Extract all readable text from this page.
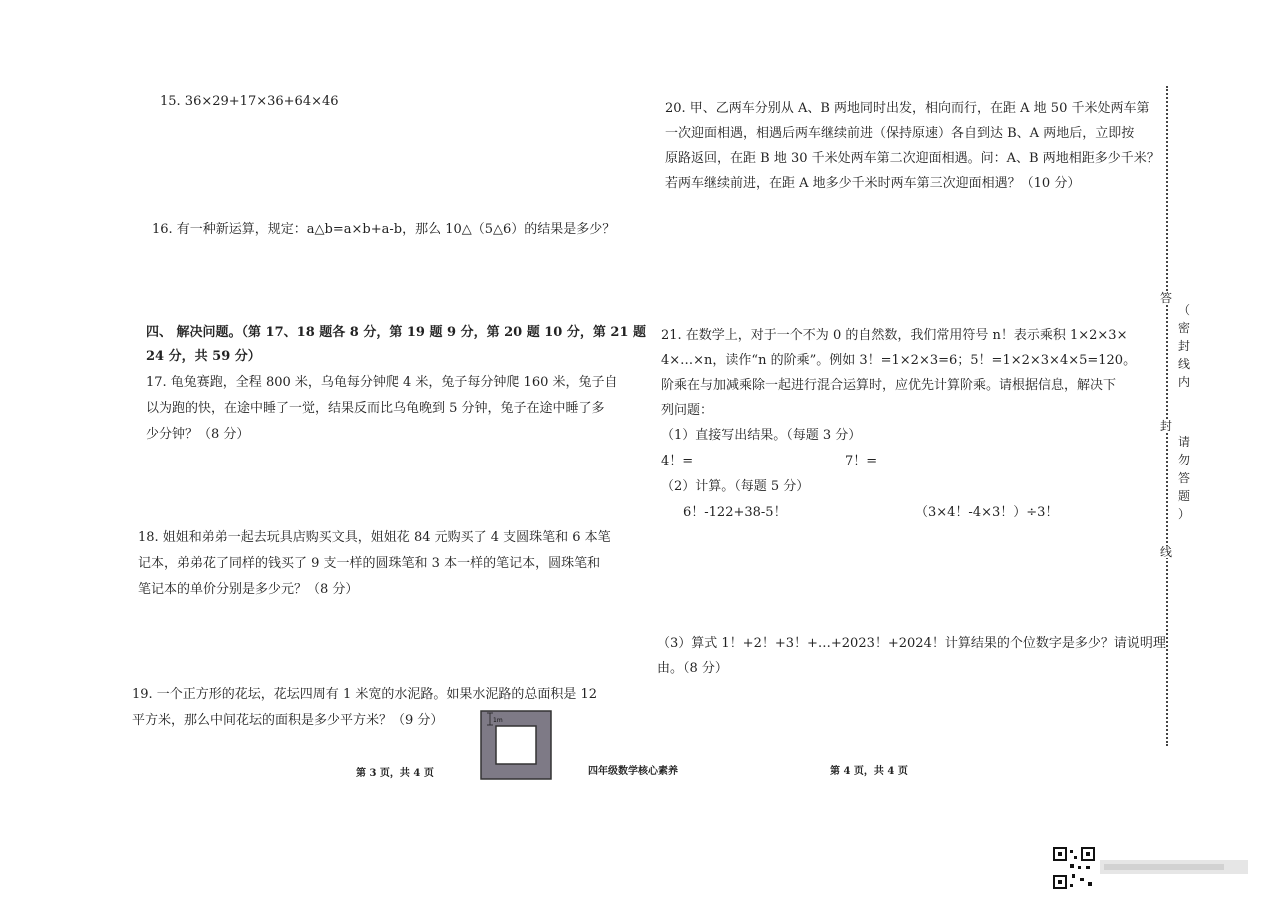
15. 36×29+17×36+64×46
16. 有一种新运算，规定：a△b=a×b+a-b，那么 10△（5△6）的结果是多少？
四、 解决问题。（第 17、18 题各 8 分，第 19 题 9 分，第 20 题 10 分，第 21 题
24 分，共 59 分）
17. 龟兔赛跑，全程 800 米，乌龟每分钟爬 4 米，兔子每分钟爬 160 米，兔子自
以为跑的快，在途中睡了一觉，结果反而比乌龟晚到 5 分钟，兔子在途中睡了多
少分钟？（8 分）
18. 姐姐和弟弟一起去玩具店购买文具，姐姐花 84 元购买了 4 支圆珠笔和 6 本笔
记本，弟弟花了同样的钱买了 9 支一样的圆珠笔和 3 本一样的笔记本，圆珠笔和
笔记本的单价分别是多少元？（8 分）
19. 一个正方形的花坛，花坛四周有 1 米宽的水泥路。如果水泥路的总面积是 12
平方米，那么中间花坛的面积是多少平方米？（9 分）	1m
第 3 页，共 4 页	四年级数学核心素养
20. 甲、乙两车分别从 A、B 两地同时出发，相向而行，在距 A 地 50 千米处两车第
一次迎面相遇，相遇后两车继续前进（保持原速）各自到达 B、A 两地后，立即按
原路返回，在距 B 地 30 千米处两车第二次迎面相遇。问：A、B 两地相距多少千米？
若两车继续前进，在距 A 地多少千米时两车第三次迎面相遇？（10 分）
21. 在数学上，对于一个不为 0 的自然数，我们常用符号 n！表示乘积 1×2×3×
4×…×n，读作“n 的阶乘”。例如 3！=1×2×3=6；5！=1×2×3×4×5=120。
阶乘在与加减乘除一起进行混合运算时，应优先计算阶乘。请根据信息，解决下
列问题：
（1）直接写出结果。（每题 3 分）
4！=	7！=
（2）计算。（每题 5 分）
6！-122+38-5！	（3×4！-4×3！）÷3！
（3）算式 1！+2！+3！+…+2023！+2024！计算结果的个位数字是多少？请说明理
由。（8 分）
第 4 页，共 4 页
答
（
密
封
线
内
封
请
勿
答
题
）
线
